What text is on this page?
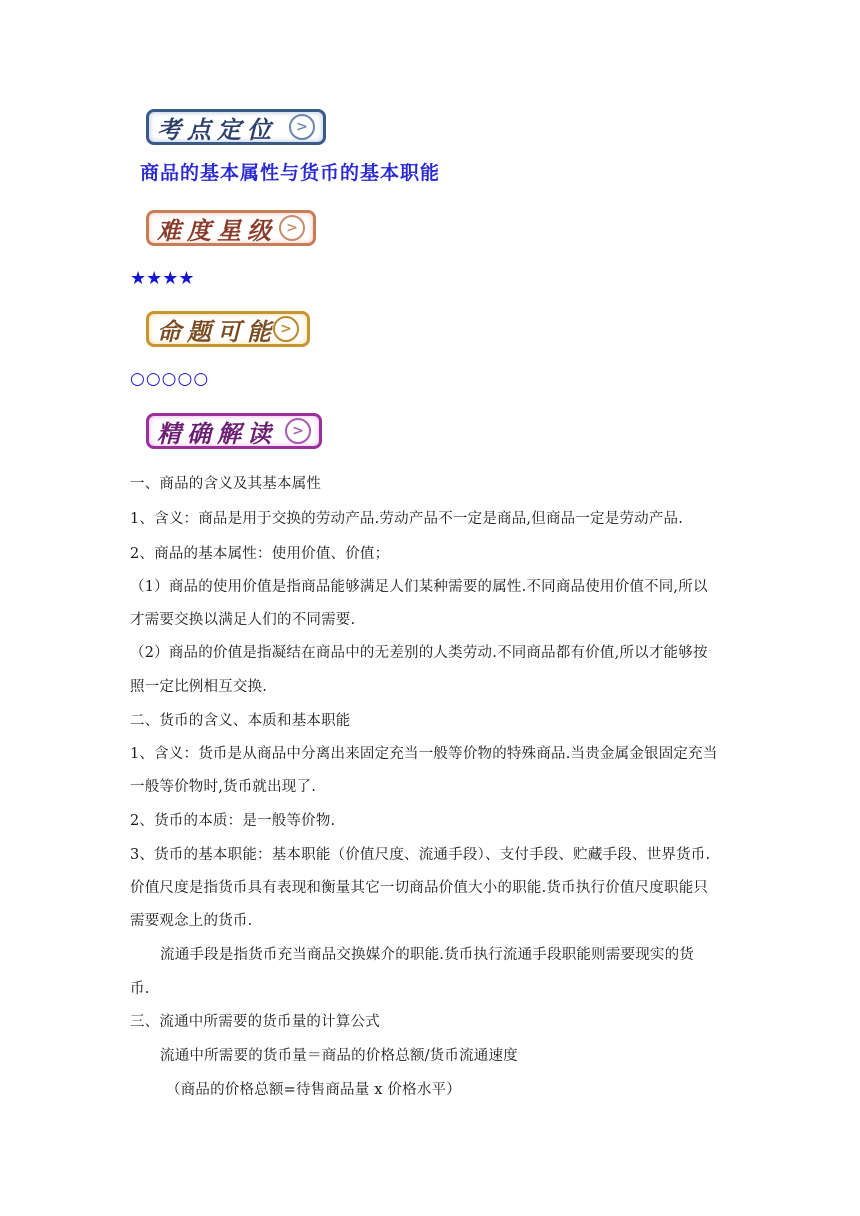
考点定位	>
商品的基本属性与货币的基本职能
难度星级 >
★★★★
命题可能 >
○○○○○
精确解读	>
一、商品的含义及其基本属性
1、含义：商品是用于交换的劳动产品.劳动产品不一定是商品,但商品一定是劳动产品.
2、商品的基本属性：使用价值、价值；
（1）商品的使用价值是指商品能够满足人们某种需要的属性.不同商品使用价值不同,所以
才需要交换以满足人们的不同需要.
（2）商品的价值是指凝结在商品中的无差别的人类劳动.不同商品都有价值,所以才能够按
照一定比例相互交换.
二、货币的含义、本质和基本职能
1、含义：货币是从商品中分离出来固定充当一般等价物的特殊商品.当贵金属金银固定充当
一般等价物时,货币就出现了.
2、货币的本质：是一般等价物.
3、货币的基本职能：基本职能（价值尺度、流通手段）、支付手段、贮藏手段、世界货币.
价值尺度是指货币具有表现和衡量其它一切商品价值大小的职能.货币执行价值尺度职能只
需要观念上的货币.
流通手段是指货币充当商品交换媒介的职能.货币执行流通手段职能则需要现实的货
币.
三、流通中所需要的货币量的计算公式
流通中所需要的货币量＝商品的价格总额/货币流通速度
（商品的价格总额=待售商品量 x 价格水平）
